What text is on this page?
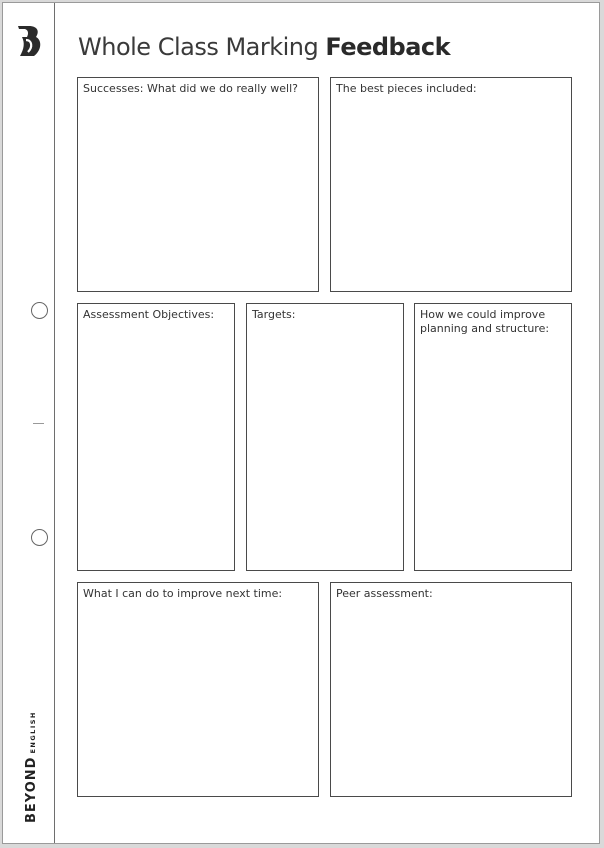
BEYONDENGLISH
Whole Class Marking Feedback
Successes: What did we do really well?	The best pieces included:
Assessment Objectives:	Targets:	How we could improve planning and structure:
What I can do to improve next time:	Peer assessment:
